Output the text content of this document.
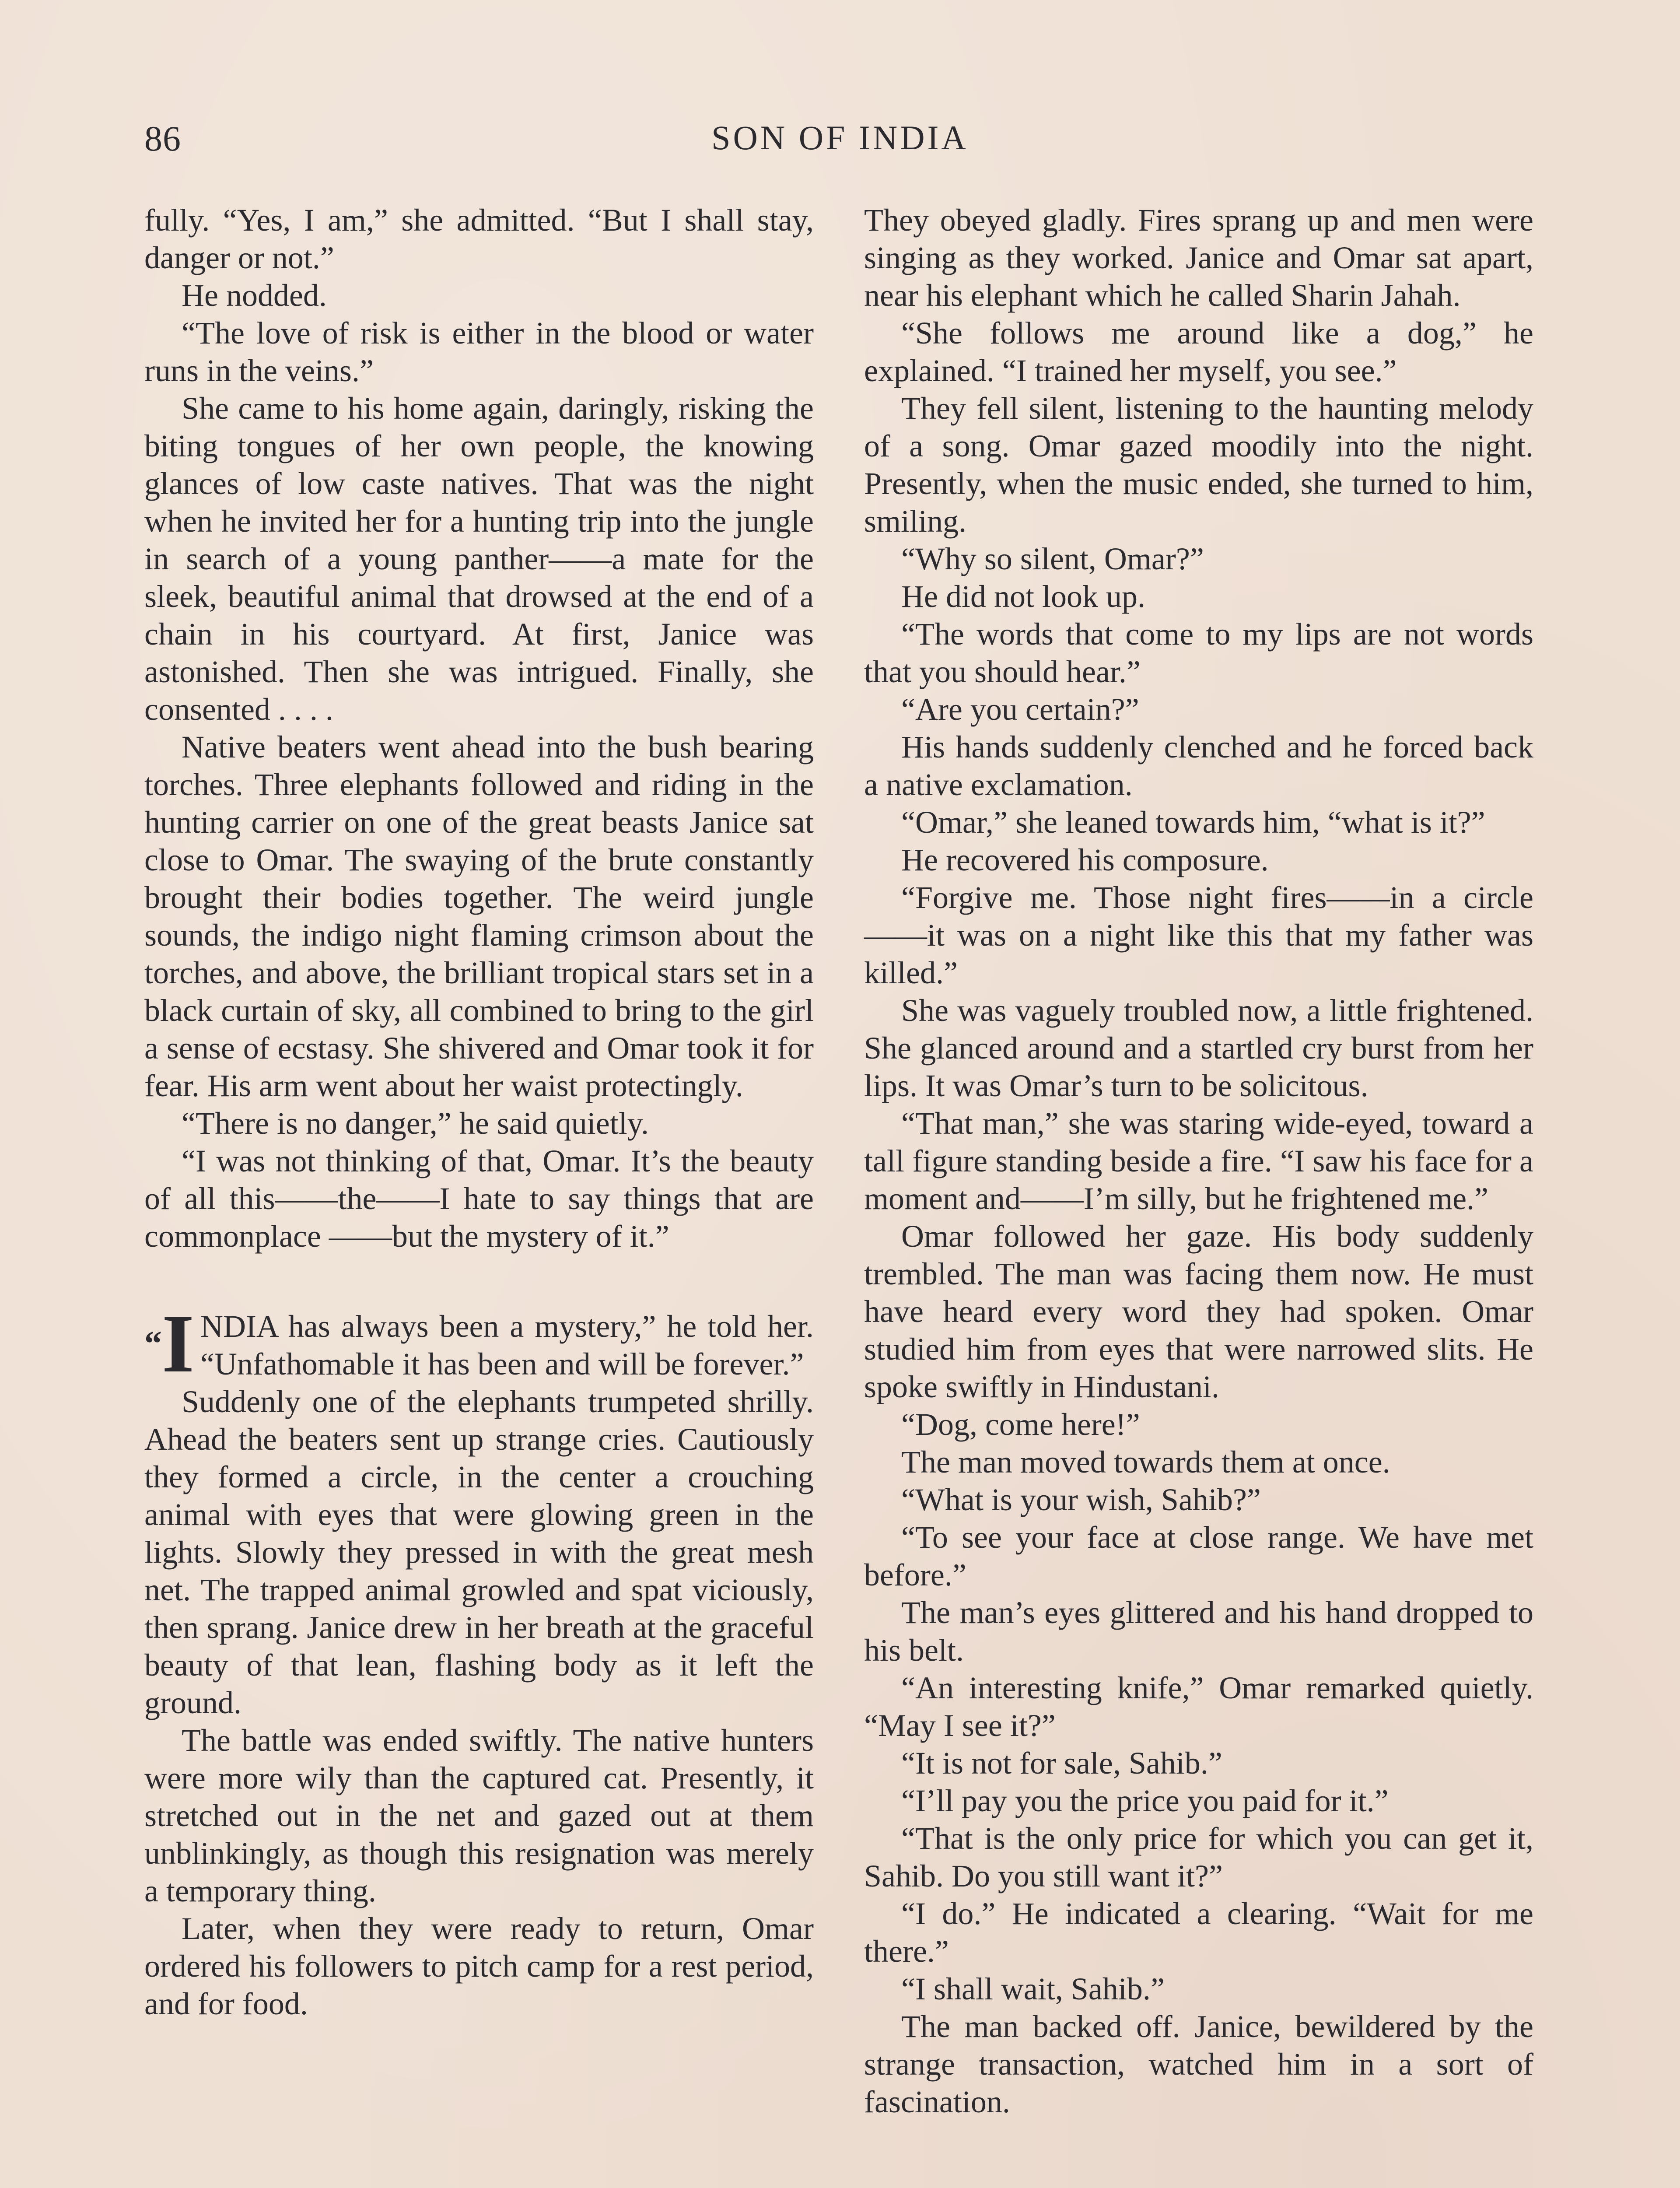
86	SON OF INDIA

fully. “Yes, I am,” she admitted. “But I shall stay, danger or not.”

He nodded.

“The love of risk is either in the blood or water runs in the veins.”

She came to his home again, daringly, risking the biting tongues of her own people, the knowing glances of low caste natives. That was the night when he invited her for a hunting trip into the jungle in search of a young panther——a mate for the sleek, beautiful animal that drowsed at the end of a chain in his courtyard. At first, Janice was astonished. Then she was intrigued. Finally, she consented . . . .

Native beaters went ahead into the bush bearing torches. Three elephants followed and riding in the hunting carrier on one of the great beasts Janice sat close to Omar. The swaying of the brute constantly brought their bodies together. The weird jungle sounds, the indigo night flaming crimson about the torches, and above, the brilliant tropical stars set in a black curtain of sky, all combined to bring to the girl a sense of ecstasy. She shivered and Omar took it for fear. His arm went about her waist protectingly.

“There is no danger,” he said quietly.

“I was not thinking of that, Omar. It’s the beauty of all this——the——I hate to say things that are commonplace ——but the mystery of it.”

“I NDIA has always been a mystery,” he told her. “Unfathomable it has been and will be forever.”

Suddenly one of the elephants trumpeted shrilly. Ahead the beaters sent up strange cries. Cautiously they formed a circle, in the center a crouching animal with eyes that were glowing green in the lights. Slowly they pressed in with the great mesh net. The trapped animal growled and spat viciously, then sprang. Janice drew in her breath at the graceful beauty of that lean, flashing body as it left the ground.

The battle was ended swiftly. The native hunters were more wily than the captured cat. Presently, it stretched out in the net and gazed out at them unblinkingly, as though this resignation was merely a temporary thing.

Later, when they were ready to return, Omar ordered his followers to pitch camp for a rest period, and for food.

They obeyed gladly. Fires sprang up and men were singing as they worked. Janice and Omar sat apart, near his elephant which he called Sharin Jahah.

“She follows me around like a dog,” he explained. “I trained her myself, you see.”

They fell silent, listening to the haunting melody of a song. Omar gazed moodily into the night. Presently, when the music ended, she turned to him, smiling.

“Why so silent, Omar?”

He did not look up.

“The words that come to my lips are not words that you should hear.”

“Are you certain?”

His hands suddenly clenched and he forced back a native exclamation.

“Omar,” she leaned towards him, “what is it?”

He recovered his composure.

“Forgive me. Those night fires——in a circle——it was on a night like this that my father was killed.”

She was vaguely troubled now, a little frightened. She glanced around and a startled cry burst from her lips. It was Omar’s turn to be solicitous.

“That man,” she was staring wide-eyed, toward a tall figure standing beside a fire. “I saw his face for a moment and——I’m silly, but he frightened me.”

Omar followed her gaze. His body suddenly trembled. The man was facing them now. He must have heard every word they had spoken. Omar studied him from eyes that were narrowed slits. He spoke swiftly in Hindustani.

“Dog, come here!”

The man moved towards them at once.

“What is your wish, Sahib?”

“To see your face at close range. We have met before.”

The man’s eyes glittered and his hand dropped to his belt.

“An interesting knife,” Omar remarked quietly. “May I see it?”

“It is not for sale, Sahib.”

“I’ll pay you the price you paid for it.”

“That is the only price for which you can get it, Sahib. Do you still want it?”

“I do.” He indicated a clearing. “Wait for me there.”

“I shall wait, Sahib.”

The man backed off. Janice, bewildered by the strange transaction, watched him in a sort of fascination.
